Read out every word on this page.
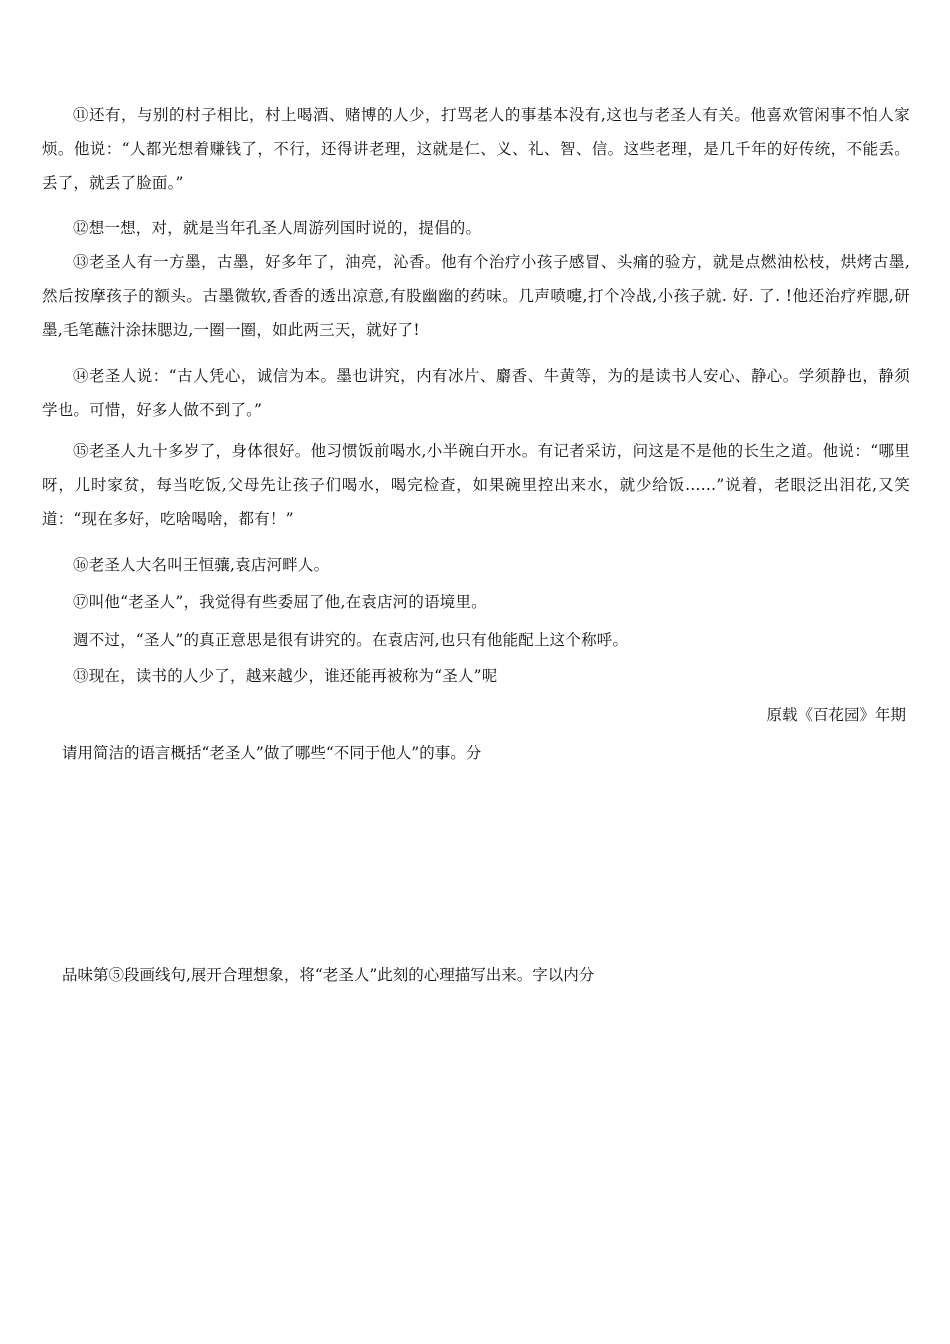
⑪还有，与别的村子相比，村上喝酒、赌博的人少，打骂老人的事基本没有,这也与老圣人有关。他喜欢管闲事不怕人家烦。他说：“人都光想着赚钱了，不行，还得讲老理，这就是仁、义、礼、智、信。这些老理，是几千年的好传统，不能丢。丢了，就丢了脸面。”

⑫想一想，对，就是当年孔圣人周游列国时说的，提倡的。

⑬老圣人有一方墨，古墨，好多年了，油亮，沁香。他有个治疗小孩子感冒、头痛的验方，就是点燃油松枝，烘烤古墨,然后按摩孩子的额头。古墨微软,香香的透出凉意,有股幽幽的药味。几声喷嚏,打个冷战,小孩子就. 好. 了. !他还治疗痄腮,研墨,毛笔蘸汁涂抹腮边,一圈一圈，如此两三天，就好了!

⑭老圣人说：“古人凭心，诚信为本。墨也讲究，内有冰片、麝香、牛黄等，为的是读书人安心、静心。学须静也，静须学也。可惜，好多人做不到了。”

⑮老圣人九十多岁了，身体很好。他习惯饭前喝水,小半碗白开水。有记者采访，问这是不是他的长生之道。他说：“哪里呀，儿时家贫，每当吃饭,父母先让孩子们喝水，喝完检查，如果碗里控出来水，就少给饭……”说着，老眼泛出泪花,又笑道：“现在多好，吃啥喝啥，都有！”

⑯老圣人大名叫王恒骧,袁店河畔人。

⑰叫他“老圣人”，我觉得有些委屈了他,在袁店河的语境里。

週不过，“圣人”的真正意思是很有讲究的。在袁店河,也只有他能配上这个称呼。

⑬现在，读书的人少了，越来越少，谁还能再被称为“圣人”呢

原载《百花园》年期

请用简洁的语言概括“老圣人”做了哪些“不同于他人”的事。分

品味第⑤段画线句,展开合理想象，将“老圣人”此刻的心理描写出来。字以内分
